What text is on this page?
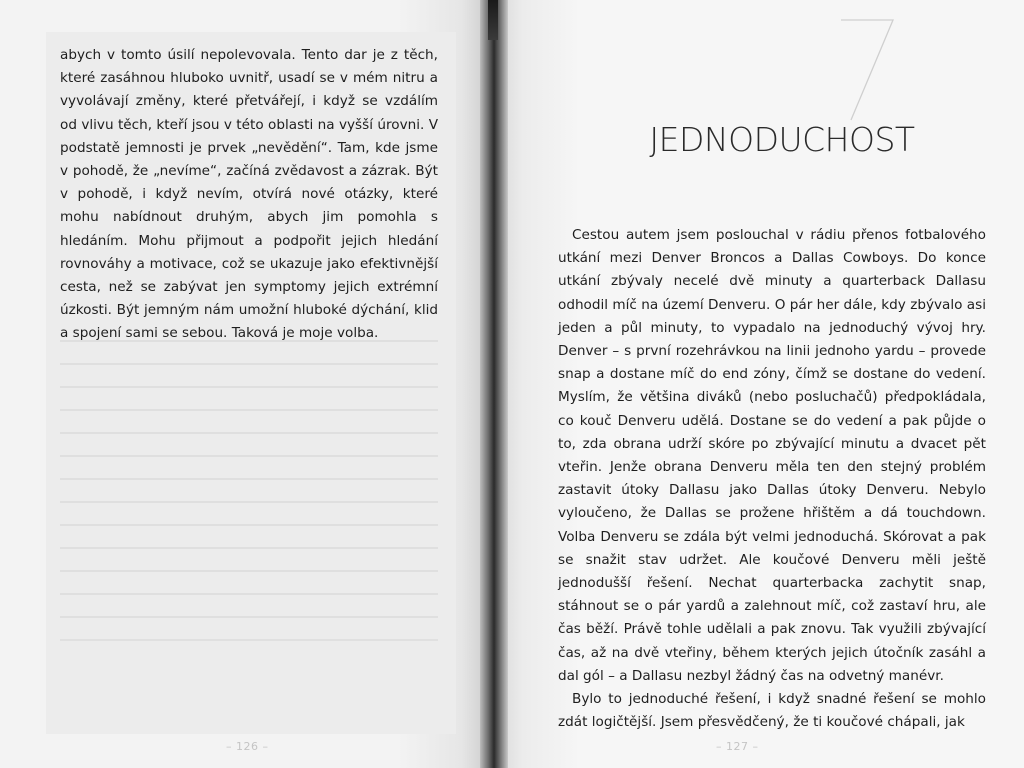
abych v tomto úsilí nepolevovala. Tento dar je z těch, které zasáhnou hluboko uvnitř, usadí se v mém nitru a vyvolávají změny, které přetvářejí, i když se vzdálím od vlivu těch, kteří jsou v této oblasti na vyšší úrovni. V podstatě jemnosti je prvek „nevědění“. Tam, kde jsme v pohodě, že „nevíme“, začíná zvědavost a zázrak. Být v pohodě, i když nevím, otvírá nové otázky, které mohu nabídnout druhým, abych jim pomohla s hledáním. Mohu přijmout a podpořit jejich hledání rovnováhy a motivace, což se ukazuje jako efektivnější cesta, než se zabývat jen symptomy jejich extrémní úzkosti. Být jemným nám umožní hluboké dýchání, klid a spojení sami se sebou. Taková je moje volba.

– 126 –
JEDNODUCHOST

Cestou autem jsem poslouchal v rádiu přenos fotbalového utkání mezi Denver Broncos a Dallas Cowboys. Do konce utkání zbývaly necelé dvě minuty a quarterback Dallasu odhodil míč na území Denveru. O pár her dále, kdy zbývalo asi jeden a půl minuty, to vypadalo na jednoduchý vývoj hry. Denver – s první rozehrávkou na linii jednoho yardu – provede snap a dostane míč do end zóny, čímž se dostane do vedení. Myslím, že většina diváků (nebo posluchačů) předpokládala, co kouč Denveru udělá. Dostane se do vedení a pak půjde o to, zda obrana udrží skóre po zbývající minutu a dvacet pět vteřin. Jenže obrana Denveru měla ten den stejný problém zastavit útoky Dallasu jako Dallas útoky Denveru. Nebylo vyloučeno, že Dallas se prožene hřištěm a dá touchdown. Volba Denveru se zdála být velmi jednoduchá. Skórovat a pak se snažit stav udržet. Ale koučové Denveru měli ještě jednodušší řešení. Nechat quarterbacka zachytit snap, stáhnout se o pár yardů a zalehnout míč, což zastaví hru, ale čas běží. Právě tohle udělali a pak znovu. Tak využili zbývající čas, až na dvě vteřiny, během kterých jejich útočník zasáhl a dal gól – a Dallasu nezbyl žádný čas na odvetný manévr.

Bylo to jednoduché řešení, i když snadné řešení se mohlo zdát logičtější. Jsem přesvědčený, že ti koučové chápali, jak

– 127 –
